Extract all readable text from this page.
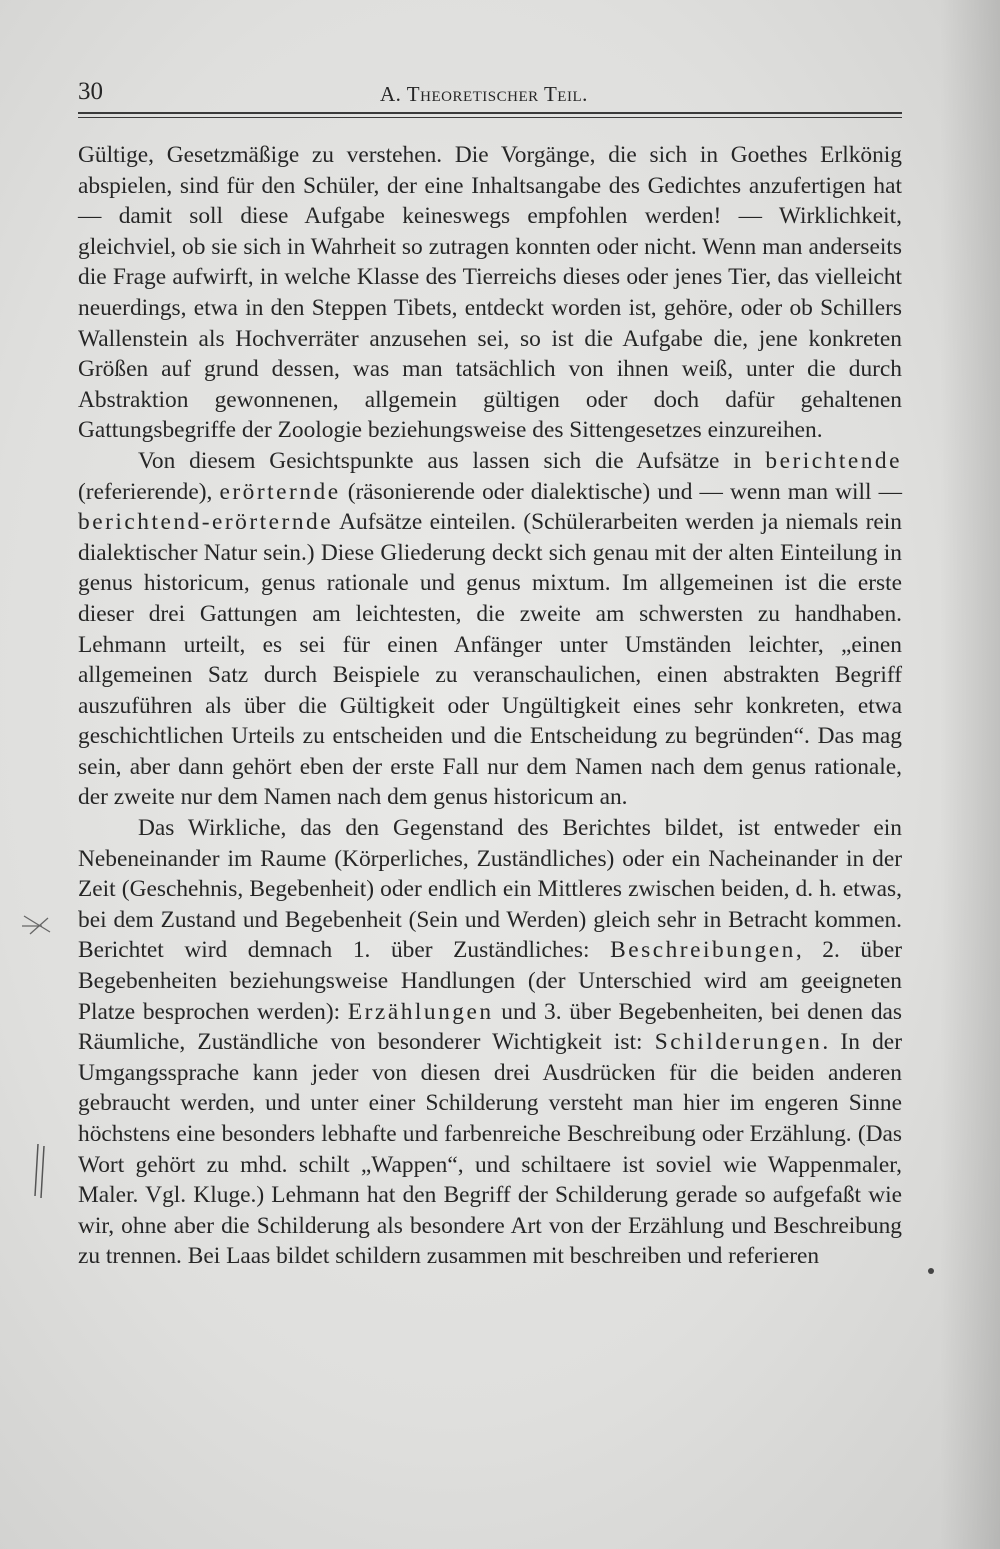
30	A. Theoretischer Teil.

Gültige, Gesetzmäßige zu verstehen. Die Vorgänge, die sich in Goethes Erlkönig abspielen, sind für den Schüler, der eine Inhaltsangabe des Gedichtes anzufertigen hat — damit soll diese Aufgabe keineswegs empfohlen werden! — Wirklichkeit, gleichviel, ob sie sich in Wahrheit so zutragen konnten oder nicht. Wenn man anderseits die Frage aufwirft, in welche Klasse des Tierreichs dieses oder jenes Tier, das vielleicht neuerdings, etwa in den Steppen Tibets, entdeckt worden ist, gehöre, oder ob Schillers Wallenstein als Hochverräter anzusehen sei, so ist die Aufgabe die, jene konkreten Größen auf grund dessen, was man tatsächlich von ihnen weiß, unter die durch Abstraktion gewonnenen, allgemein gültigen oder doch dafür gehaltenen Gattungsbegriffe der Zoologie beziehungsweise des Sittengesetzes einzureihen.

Von diesem Gesichtspunkte aus lassen sich die Aufsätze in berichtende (referierende), erörternde (räsonierende oder dialektische) und — wenn man will — berichtend-erörternde Aufsätze einteilen. (Schülerarbeiten werden ja niemals rein dialektischer Natur sein.) Diese Gliederung deckt sich genau mit der alten Einteilung in genus historicum, genus rationale und genus mixtum. Im allgemeinen ist die erste dieser drei Gattungen am leichtesten, die zweite am schwersten zu handhaben. Lehmann urteilt, es sei für einen Anfänger unter Umständen leichter, „einen allgemeinen Satz durch Beispiele zu veranschaulichen, einen abstrakten Begriff auszuführen als über die Gültigkeit oder Ungültigkeit eines sehr konkreten, etwa geschichtlichen Urteils zu entscheiden und die Entscheidung zu begründen“. Das mag sein, aber dann gehört eben der erste Fall nur dem Namen nach dem genus rationale, der zweite nur dem Namen nach dem genus historicum an.

Das Wirkliche, das den Gegenstand des Berichtes bildet, ist entweder ein Nebeneinander im Raume (Körperliches, Zuständliches) oder ein Nacheinander in der Zeit (Geschehnis, Begebenheit) oder endlich ein Mittleres zwischen beiden, d. h. etwas, bei dem Zustand und Begebenheit (Sein und Werden) gleich sehr in Betracht kommen. Berichtet wird demnach 1. über Zuständliches: Beschreibungen, 2. über Begebenheiten beziehungsweise Handlungen (der Unterschied wird am geeigneten Platze besprochen werden): Erzählungen und 3. über Begebenheiten, bei denen das Räumliche, Zuständliche von besonderer Wichtigkeit ist: Schilderungen. In der Umgangssprache kann jeder von diesen drei Ausdrücken für die beiden anderen gebraucht werden, und unter einer Schilderung versteht man hier im engeren Sinne höchstens eine besonders lebhafte und farbenreiche Beschreibung oder Erzählung. (Das Wort gehört zu mhd. schilt „Wappen“, und schiltaere ist soviel wie Wappenmaler, Maler. Vgl. Kluge.) Lehmann hat den Begriff der Schilderung gerade so aufgefaßt wie wir, ohne aber die Schilderung als besondere Art von der Erzählung und Beschreibung zu trennen. Bei Laas bildet schildern zusammen mit beschreiben und referieren
